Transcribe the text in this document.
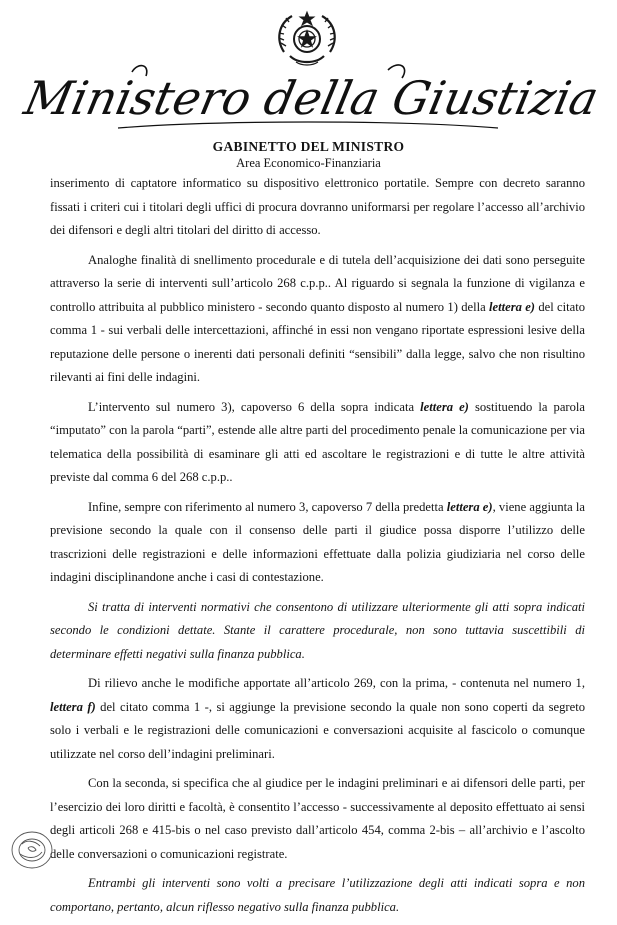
Ministero della Giustizia
GABINETTO DEL MINISTRO
Area Economico-Finanziaria

inserimento di captatore informatico su dispositivo elettronico portatile. Sempre con decreto saranno fissati i criteri cui i titolari degli uffici di procura dovranno uniformarsi per regolare l’accesso all’archivio dei difensori e degli altri titolari del diritto di accesso.

Analoghe finalità di snellimento procedurale e di tutela dell’acquisizione dei dati sono perseguite attraverso la serie di interventi sull’articolo 268 c.p.p.. Al riguardo si segnala la funzione di vigilanza e controllo attribuita al pubblico ministero - secondo quanto disposto al numero 1) della lettera e) del citato comma 1 - sui verbali delle intercettazioni, affinché in essi non vengano riportate espressioni lesive della reputazione delle persone o inerenti dati personali definiti “sensibili” dalla legge, salvo che non risultino rilevanti ai fini delle indagini.

L’intervento sul numero 3), capoverso 6 della sopra indicata lettera e) sostituendo la parola “imputato” con la parola “parti”, estende alle altre parti del procedimento penale la comunicazione per via telematica della possibilità di esaminare gli atti ed ascoltare le registrazioni e di tutte le altre attività previste dal comma 6 del 268 c.p.p..

Infine, sempre con riferimento al numero 3, capoverso 7 della predetta lettera e), viene aggiunta la previsione secondo la quale con il consenso delle parti il giudice possa disporre l’utilizzo delle trascrizioni delle registrazioni e delle informazioni effettuate dalla polizia giudiziaria nel corso delle indagini disciplinandone anche i casi di contestazione.

Si tratta di interventi normativi che consentono di utilizzare ulteriormente gli atti sopra indicati secondo le condizioni dettate. Stante il carattere procedurale, non sono tuttavia suscettibili di determinare effetti negativi sulla finanza pubblica.

Di rilievo anche le modifiche apportate all’articolo 269, con la prima, - contenuta nel numero 1, lettera f) del citato comma 1 -, si aggiunge la previsione secondo la quale non sono coperti da segreto solo i verbali e le registrazioni delle comunicazioni e conversazioni acquisite al fascicolo o comunque utilizzate nel corso dell’indagini preliminari.

Con la seconda, si specifica che al giudice per le indagini preliminari e ai difensori delle parti, per l’esercizio dei loro diritti e facoltà, è consentito l’accesso - successivamente al deposito effettuato ai sensi degli articoli 268 e 415-bis o nel caso previsto dall’articolo 454, comma 2-bis – all’archivio e l’ascolto delle conversazioni o comunicazioni registrate.

Entrambi gli interventi sono volti a precisare l’utilizzazione degli atti indicati sopra e non comportano, pertanto, alcun riflesso negativo sulla finanza pubblica.
